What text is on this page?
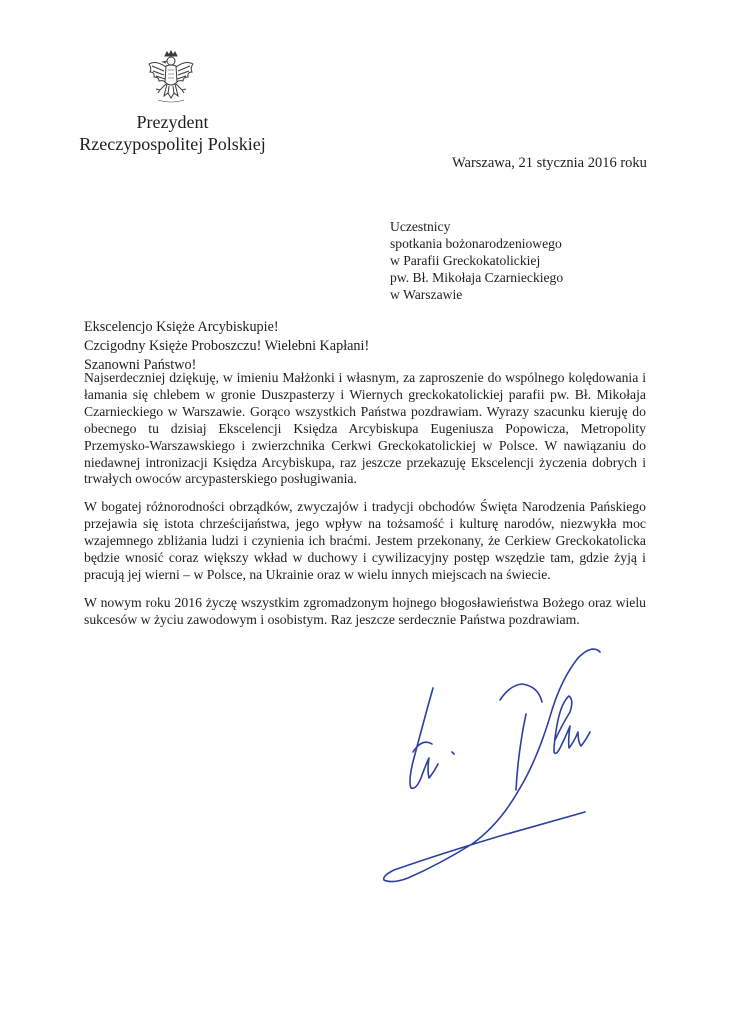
Prezydent
Rzeczypospolitej Polskiej
Warszawa, 21 stycznia 2016 roku
Uczestnicy
spotkania bożonarodzeniowego
w Parafii Greckokatolickiej
pw. Bł. Mikołaja Czarnieckiego
w Warszawie
Ekscelencjo Księże Arcybiskupie!
Czcigodny Księże Proboszczu! Wielebni Kapłani!
Szanowni Państwo!

Najserdeczniej dziękuję, w imieniu Małżonki i własnym, za zaproszenie do wspólnego kolędowania i łamania się chlebem w gronie Duszpasterzy i Wiernych greckokatolickiej parafii pw. Bł. Mikołaja Czarnieckiego w Warszawie. Gorąco wszystkich Państwa pozdrawiam. Wyrazy szacunku kieruję do obecnego tu dzisiaj Ekscelencji Księdza Arcybiskupa Eugeniusza Popowicza, Metropolity Przemysko-Warszawskiego i zwierzchnika Cerkwi Greckokatolickiej w Polsce. W nawiązaniu do niedawnej intronizacji Księdza Arcybiskupa, raz jeszcze przekazuję Ekscelencji życzenia dobrych i trwałych owoców arcypasterskiego posługiwania.

W bogatej różnorodności obrządków, zwyczajów i tradycji obchodów Święta Narodzenia Pańskiego przejawia się istota chrześcijaństwa, jego wpływ na tożsamość i kulturę narodów, niezwykła moc wzajemnego zbliżania ludzi i czynienia ich braćmi. Jestem przekonany, że Cerkiew Greckokatolicka będzie wnosić coraz większy wkład w duchowy i cywilizacyjny postęp wszędzie tam, gdzie żyją i pracują jej wierni – w Polsce, na Ukrainie oraz w wielu innych miejscach na świecie.

W nowym roku 2016 życzę wszystkim zgromadzonym hojnego błogosławieństwa Bożego oraz wielu sukcesów w życiu zawodowym i osobistym. Raz jeszcze serdecznie Państwa pozdrawiam.
